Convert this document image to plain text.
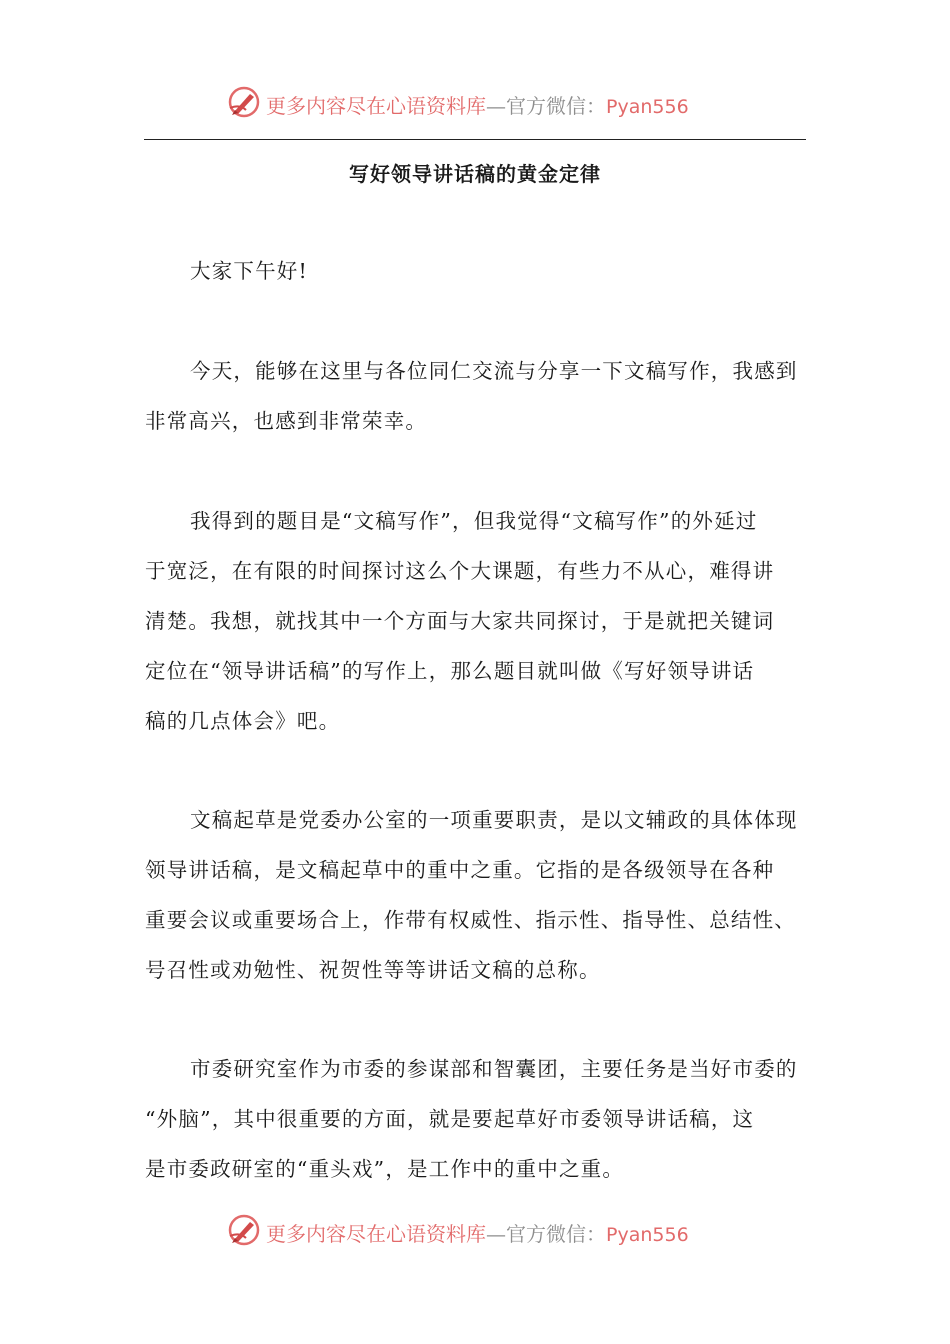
更多内容尽在心语资料库—官方微信：Pyan556
写好领导讲话稿的黄金定律
大家下午好!
今天，能够在这里与各位同仁交流与分享一下文稿写作，我感到
非常高兴，也感到非常荣幸。
我得到的题目是“文稿写作”，但我觉得“文稿写作”的外延过
于宽泛，在有限的时间探讨这么个大课题，有些力不从心，难得讲
清楚。我想，就找其中一个方面与大家共同探讨，于是就把关键词
定位在“领导讲话稿”的写作上，那么题目就叫做《写好领导讲话
稿的几点体会》吧。
文稿起草是党委办公室的一项重要职责，是以文辅政的具体体现
领导讲话稿，是文稿起草中的重中之重。它指的是各级领导在各种
重要会议或重要场合上，作带有权威性、指示性、指导性、总结性、
号召性或劝勉性、祝贺性等等讲话文稿的总称。
市委研究室作为市委的参谋部和智囊团，主要任务是当好市委的
“外脑”，其中很重要的方面，就是要起草好市委领导讲话稿，这
是市委政研室的“重头戏”，是工作中的重中之重。
更多内容尽在心语资料库—官方微信：Pyan556
